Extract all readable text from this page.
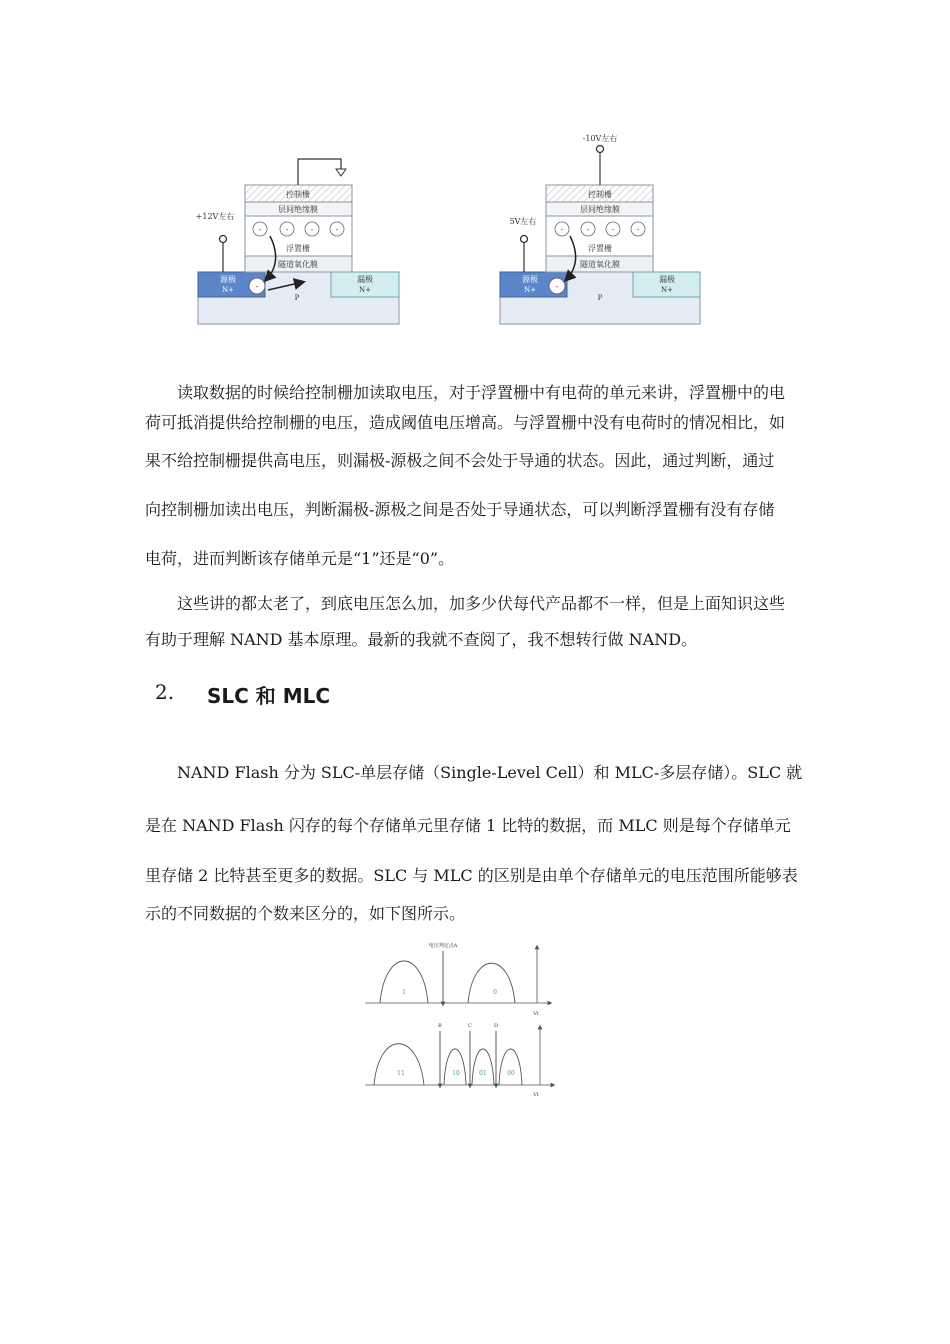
P
源极
N+
漏极
N+
隧道氧化膜
浮置栅
-	-	-	-
层间绝缘膜
控制栅
+12V左右
-
P
源极
N+
漏极
N+
隧道氧化膜
浮置栅
-	-	-	-
层间绝缘膜
控制栅
-10V左右
5V左右
-
读取数据的时候给控制栅加读取电压，对于浮置栅中有电荷的单元来讲，浮置栅中的电
荷可抵消提供给控制栅的电压，造成阈值电压增高。与浮置栅中没有电荷时的情况相比，如
果不给控制栅提供高电压，则漏极-源极之间不会处于导通的状态。因此，通过判断，通过
向控制栅加读出电压，判断漏极-源极之间是否处于导通状态，可以判断浮置栅有没有存储
电荷，进而判断该存储单元是“1”还是“0”。
这些讲的都太老了，到底电压怎么加，加多少伏每代产品都不一样，但是上面知识这些
有助于理解 NAND 基本原理。最新的我就不查阅了，我不想转行做 NAND。
2. SLC 和 MLC
NAND Flash 分为 SLC-单层存储（Single-Level Cell）和 MLC-多层存储）。SLC 就
是在 NAND Flash 闪存的每个存储单元里存储 1 比特的数据，而 MLC 则是每个存储单元
里存储 2 比特甚至更多的数据。SLC 与 MLC 的区别是由单个存储单元的电压范围所能够表
示的不同数据的个数来区分的，如下图所示。
电压判定点A
1	0
Vt
B	C	D
11	10	01	00
Vt
